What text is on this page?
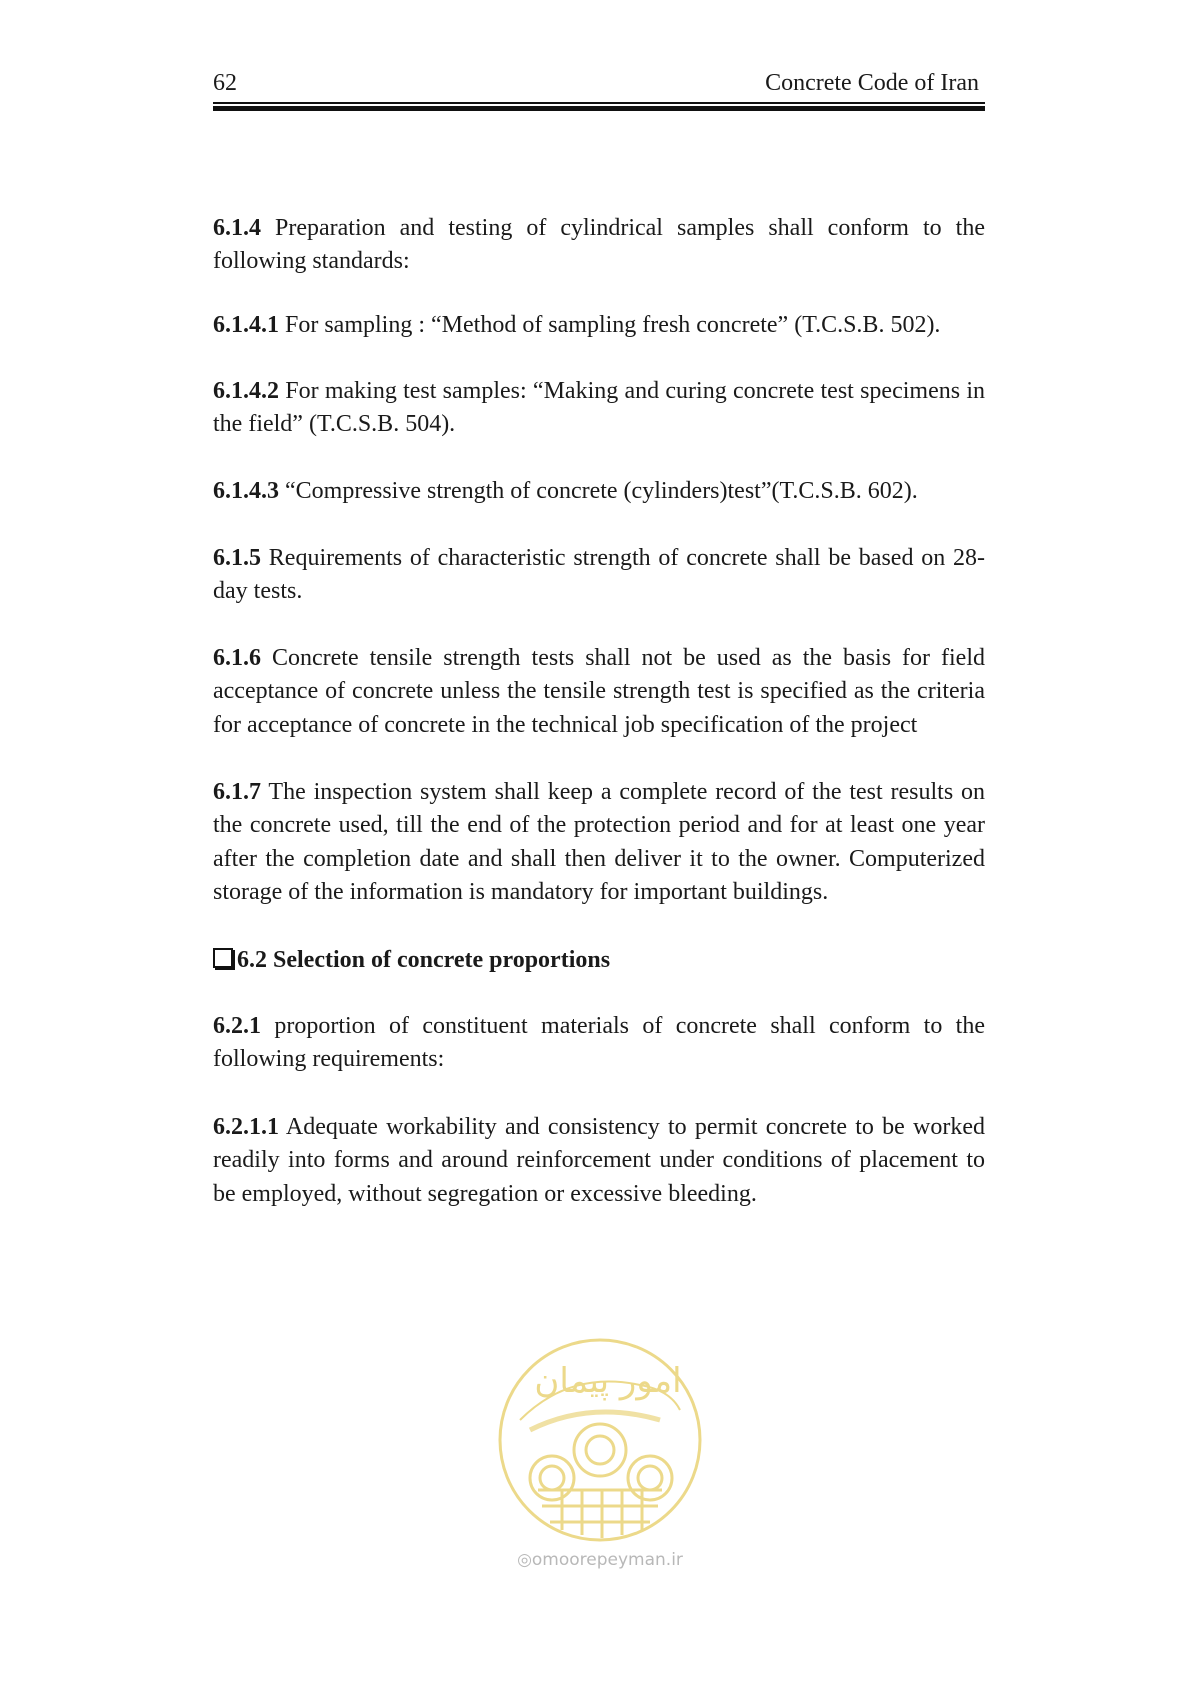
62	Concrete Code of Iran

6.1.4 Preparation and testing of cylindrical samples shall conform to the following standards:

6.1.4.1 For sampling : “Method of sampling fresh concrete” (T.C.S.B. 502).

6.1.4.2 For making test samples: “Making and curing concrete test specimens in the field” (T.C.S.B. 504).

6.1.4.3 “Compressive strength of concrete (cylinders)test”(T.C.S.B. 602).

6.1.5 Requirements of characteristic strength of concrete shall be based on 28-day tests.

6.1.6 Concrete tensile strength tests shall not be used as the basis for field acceptance of concrete unless the tensile strength test is specified as the criteria for acceptance of concrete in the technical job specification of the project

6.1.7 The inspection system shall keep a complete record of the test results on the concrete used, till the end of the protection period and for at least one year after the completion date and shall then deliver it to the owner. Computerized storage of the information is mandatory for important buildings.

6.2 Selection of concrete proportions

6.2.1 proportion of constituent materials of concrete shall conform to the following requirements:

6.2.1.1 Adequate workability and consistency to permit concrete to be worked readily into forms and around reinforcement under conditions of placement to be employed, without segregation or excessive bleeding.

امور پیمان
◎omoorepeyman.ir
